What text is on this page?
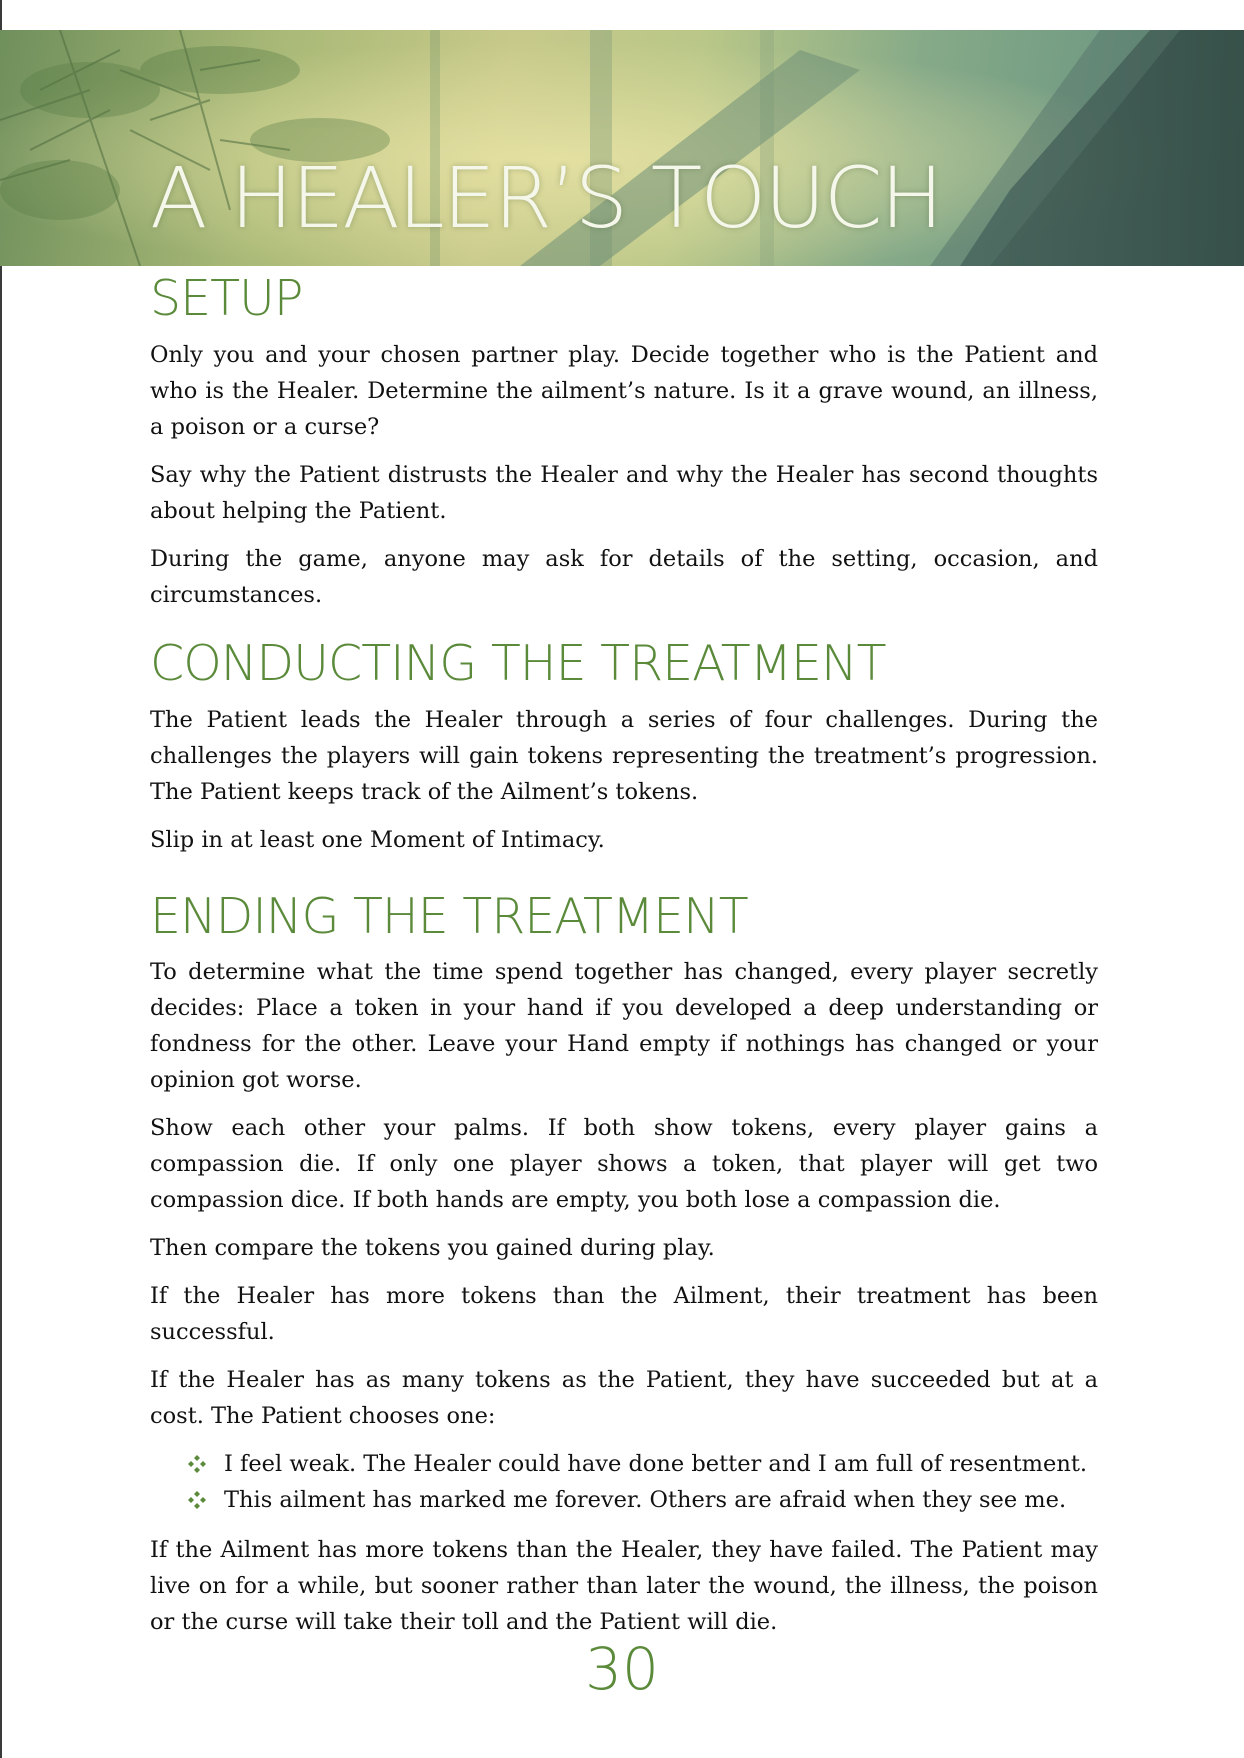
A HEALER’S TOUCH
SETUP

Only you and your chosen partner play. Decide together who is the Patient and who is the Healer. Determine the ailment’s nature. Is it a grave wound, an illness, a poison or a curse?

Say why the Patient distrusts the Healer and why the Healer has second thoughts about helping the Patient.

During the game, anyone may ask for details of the setting, occasion, and circumstances.

CONDUCTING THE TREATMENT

The Patient leads the Healer through a series of four challenges. During the challenges the players will gain tokens representing the treatment’s progression. The Patient keeps track of the Ailment’s tokens.

Slip in at least one Moment of Intimacy.

ENDING THE TREATMENT

To determine what the time spend together has changed, every player secretly decides: Place a token in your hand if you developed a deep understanding or fondness for the other. Leave your Hand empty if nothings has changed or your opinion got worse.

Show each other your palms. If both show tokens, every player gains a compassion die. If only one player shows a token, that player will get two compassion dice. If both hands are empty, you both lose a compassion die.

Then compare the tokens you gained during play.

If the Healer has more tokens than the Ailment, their treatment has been successful.

If the Healer has as many tokens as the Patient, they have succeeded but at a cost. The Patient chooses one:

I feel weak. The Healer could have done better and I am full of resentment.
This ailment has marked me forever. Others are afraid when they see me.

If the Ailment has more tokens than the Healer, they have failed. The Patient may live on for a while, but sooner rather than later the wound, the illness, the poison or the curse will take their toll and the Patient will die.

30
